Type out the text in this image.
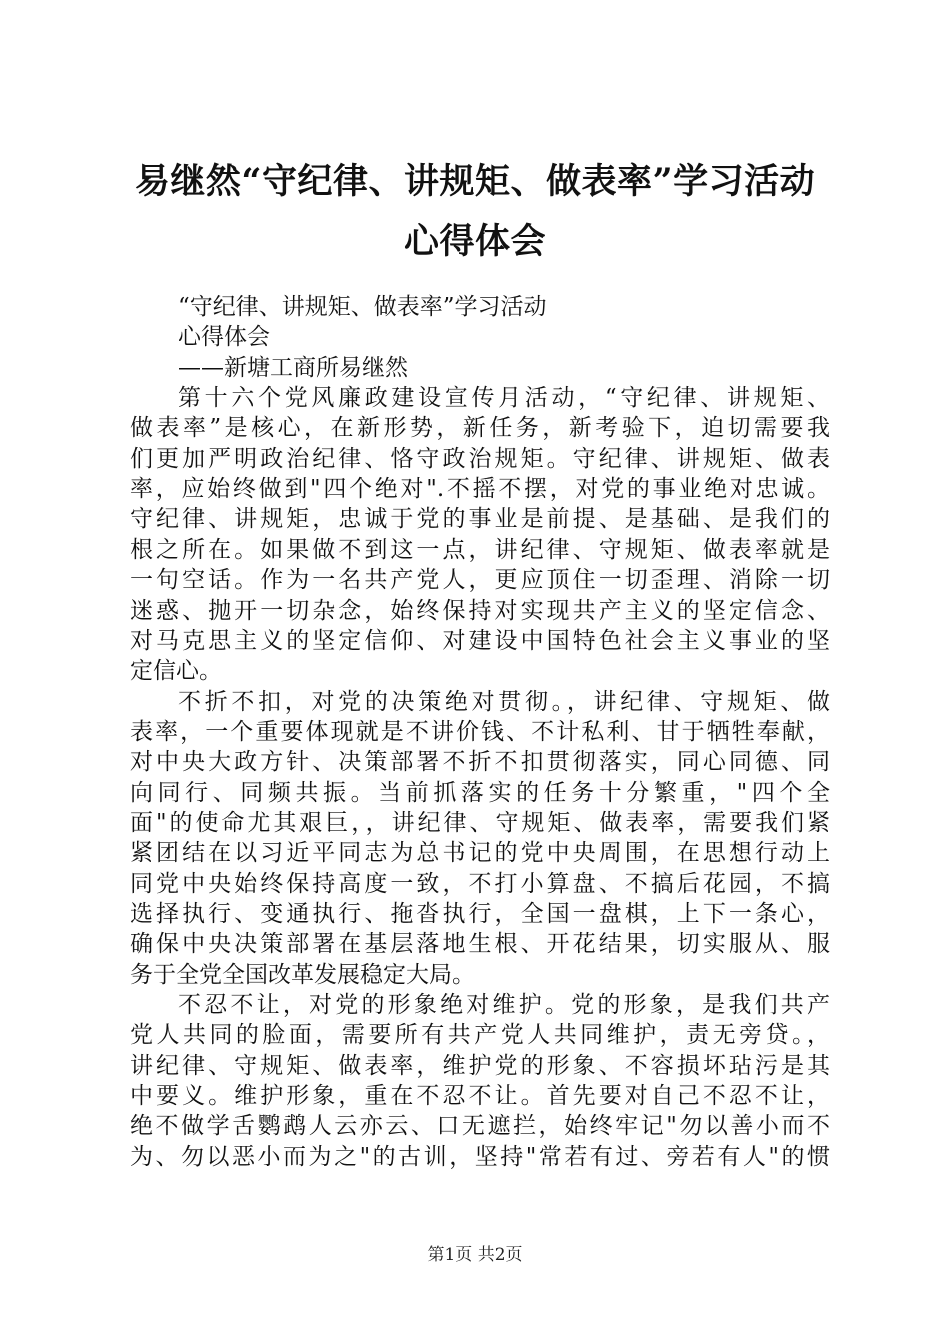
易继然“守纪律、讲规矩、做表率”学习活动
心得体会
“守纪律、讲规矩、做表率”学习活动
心得体会
——新塘工商所易继然
第十六个党风廉政建设宣传月活动，“守纪律、讲规矩、
做表率”是核心，在新形势，新任务，新考验下，迫切需要我
们更加严明政治纪律、恪守政治规矩。守纪律、讲规矩、做表
率，应始终做到"四个绝对".不摇不摆，对党的事业绝对忠诚。
守纪律、讲规矩，忠诚于党的事业是前提、是基础、是我们的
根之所在。如果做不到这一点，讲纪律、守规矩、做表率就是
一句空话。作为一名共产党人，更应顶住一切歪理、消除一切
迷惑、抛开一切杂念，始终保持对实现共产主义的坚定信念、
对马克思主义的坚定信仰、对建设中国特色社会主义事业的坚
定信心。
不折不扣，对党的决策绝对贯彻。，讲纪律、守规矩、做
表率，一个重要体现就是不讲价钱、不计私利、甘于牺牲奉献，
对中央大政方针、决策部署不折不扣贯彻落实，同心同德、同
向同行、同频共振。当前抓落实的任务十分繁重，"四个全
面"的使命尤其艰巨，，讲纪律、守规矩、做表率，需要我们紧
紧团结在以习近平同志为总书记的党中央周围，在思想行动上
同党中央始终保持高度一致，不打小算盘、不搞后花园，不搞
选择执行、变通执行、拖沓执行，全国一盘棋，上下一条心，
确保中央决策部署在基层落地生根、开花结果，切实服从、服
务于全党全国改革发展稳定大局。
不忍不让，对党的形象绝对维护。党的形象，是我们共产
党人共同的脸面，需要所有共产党人共同维护，责无旁贷。，
讲纪律、守规矩、做表率，维护党的形象、不容损坏玷污是其
中要义。维护形象，重在不忍不让。首先要对自己不忍不让，
绝不做学舌鹦鹉人云亦云、口无遮拦，始终牢记"勿以善小而不
为、勿以恶小而为之"的古训，坚持"常若有过、旁若有人"的惯
第1页 共2页
